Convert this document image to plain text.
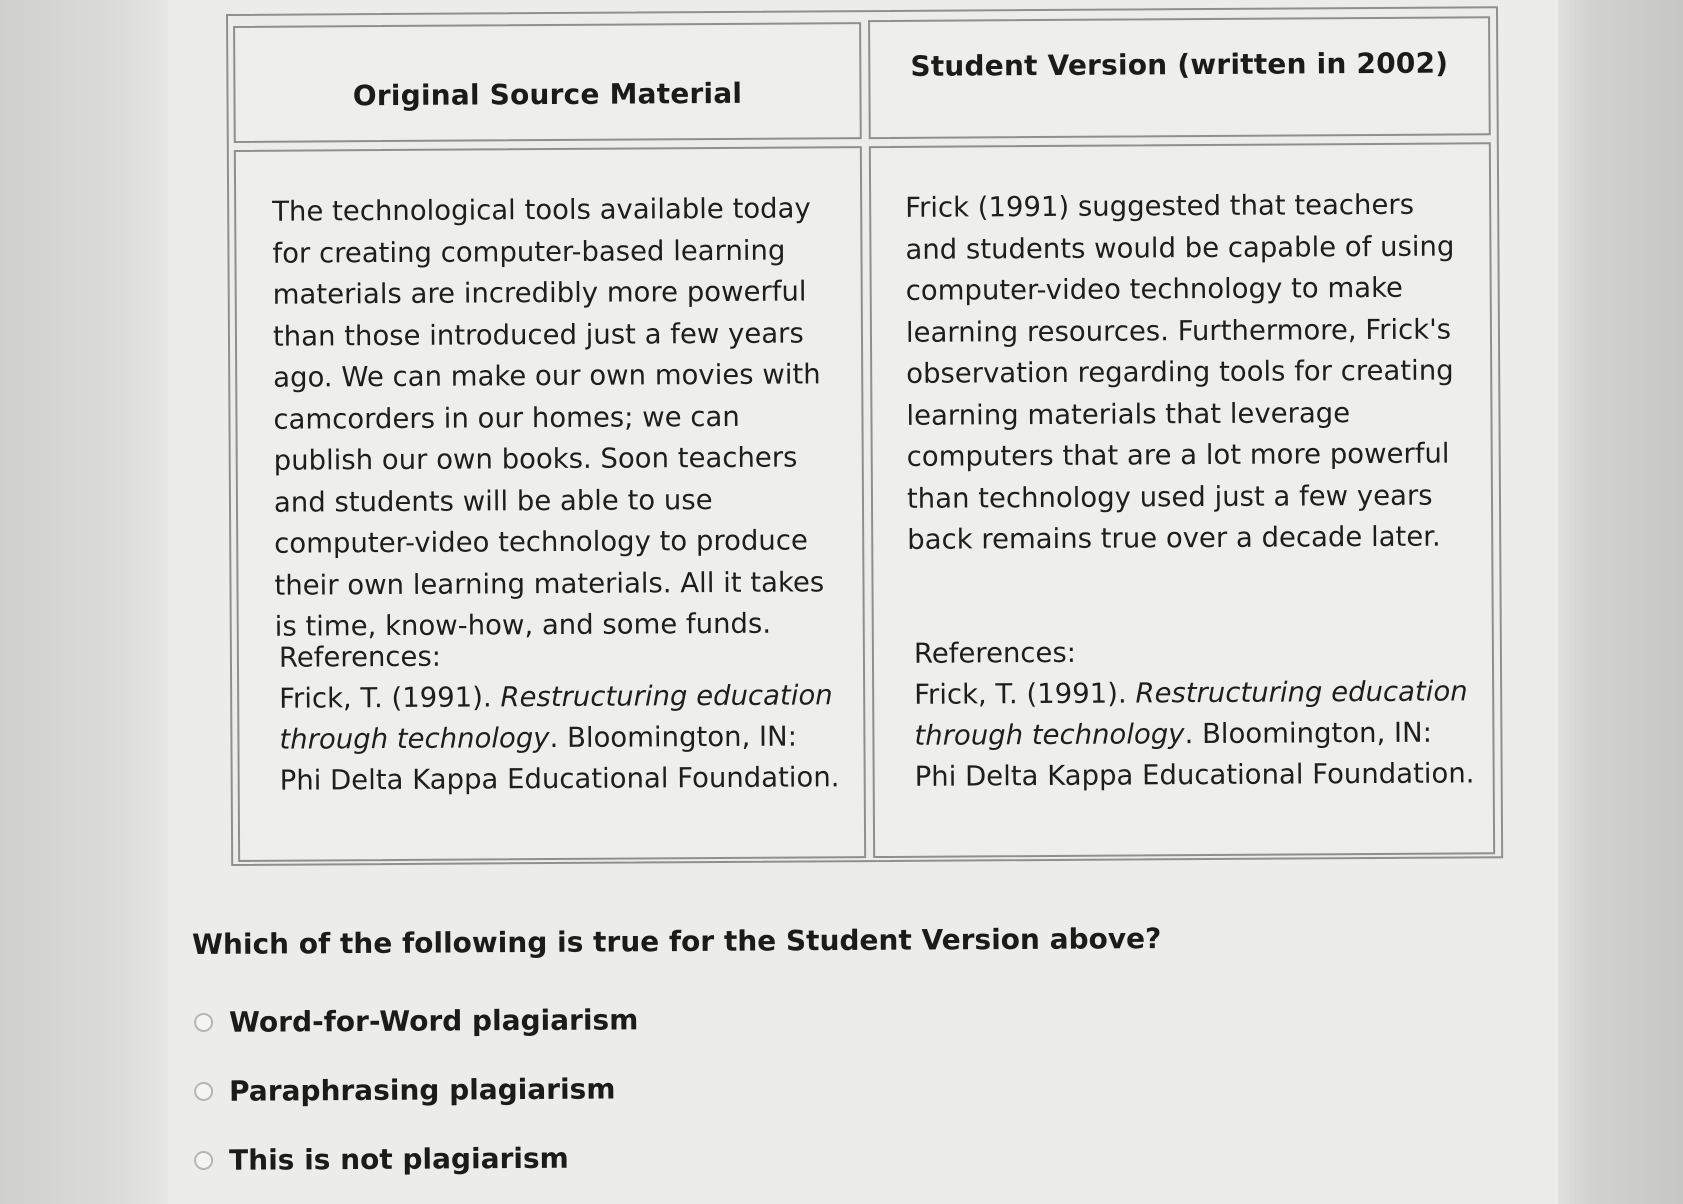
Original Source Material
Student Version (written in 2002)
The technological tools available today for creating computer-based learning materials are incredibly more powerful than those introduced just a few years ago. We can make our own movies with camcorders in our homes; we can publish our own books. Soon teachers and students will be able to use computer-video technology to produce their own learning materials. All it takes is time, know-how, and some funds.
References:
Frick, T. (1991). Restructuring education
through technology. Bloomington, IN:
Phi Delta Kappa Educational Foundation.
Frick (1991) suggested that teachers and students would be capable of using computer-video technology to make learning resources. Furthermore, Frick's observation regarding tools for creating learning materials that leverage computers that are a lot more powerful than technology used just a few years back remains true over a decade later.
References:
Frick, T. (1991). Restructuring education
through technology. Bloomington, IN:
Phi Delta Kappa Educational Foundation.
Which of the following is true for the Student Version above?
Word-for-Word plagiarism
Paraphrasing plagiarism
This is not plagiarism
